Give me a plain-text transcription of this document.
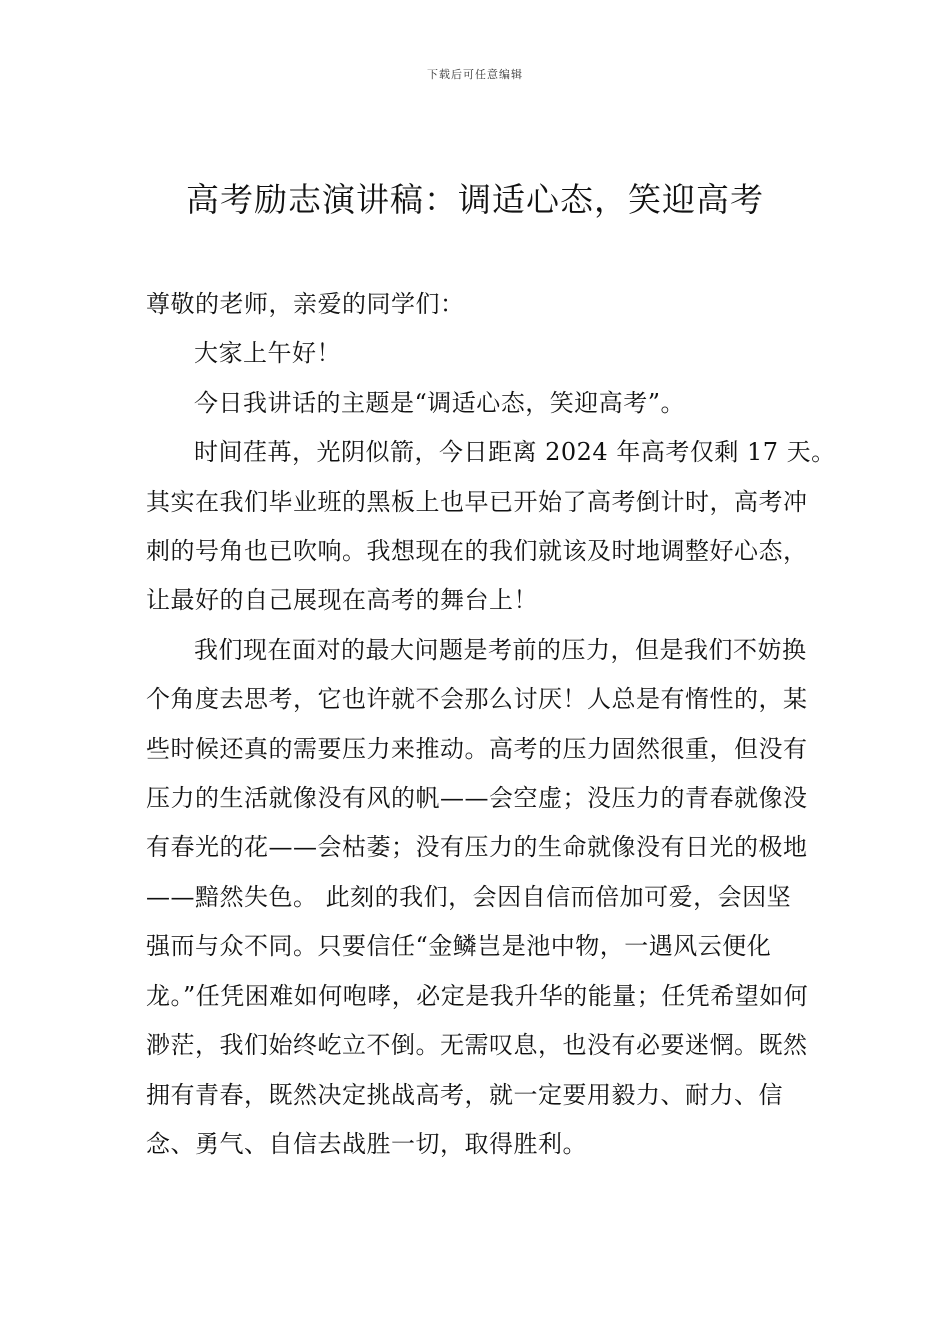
下载后可任意编辑
高考励志演讲稿：调适心态，笑迎高考

尊敬的老师，亲爱的同学们：

大家上午好！

今日我讲话的主题是“调适心态，笑迎高考”。

时间荏苒，光阴似箭，今日距离 2024 年高考仅剩 17 天。

其实在我们毕业班的黑板上也早已开始了高考倒计时，高考冲刺的号角也已吹响。我想现在的我们就该及时地调整好心态，让最好的自己展现在高考的舞台上！

我们现在面对的最大问题是考前的压力，但是我们不妨换个角度去思考，它也许就不会那么讨厌！人总是有惰性的，某些时候还真的需要压力来推动。高考的压力固然很重，但没有压力的生活就像没有风的帆——会空虚；没压力的青春就像没有春光的花——会枯萎；没有压力的生命就像没有日光的极地——黯然失色。 此刻的我们，会因自信而倍加可爱，会因坚强而与众不同。只要信任“金鳞岂是池中物，一遇风云便化龙。”任凭困难如何咆哮，必定是我升华的能量；任凭希望如何渺茫，我们始终屹立不倒。无需叹息，也没有必要迷惘。既然拥有青春，既然决定挑战高考，就一定要用毅力、耐力、信念、勇气、自信去战胜一切，取得胜利。
